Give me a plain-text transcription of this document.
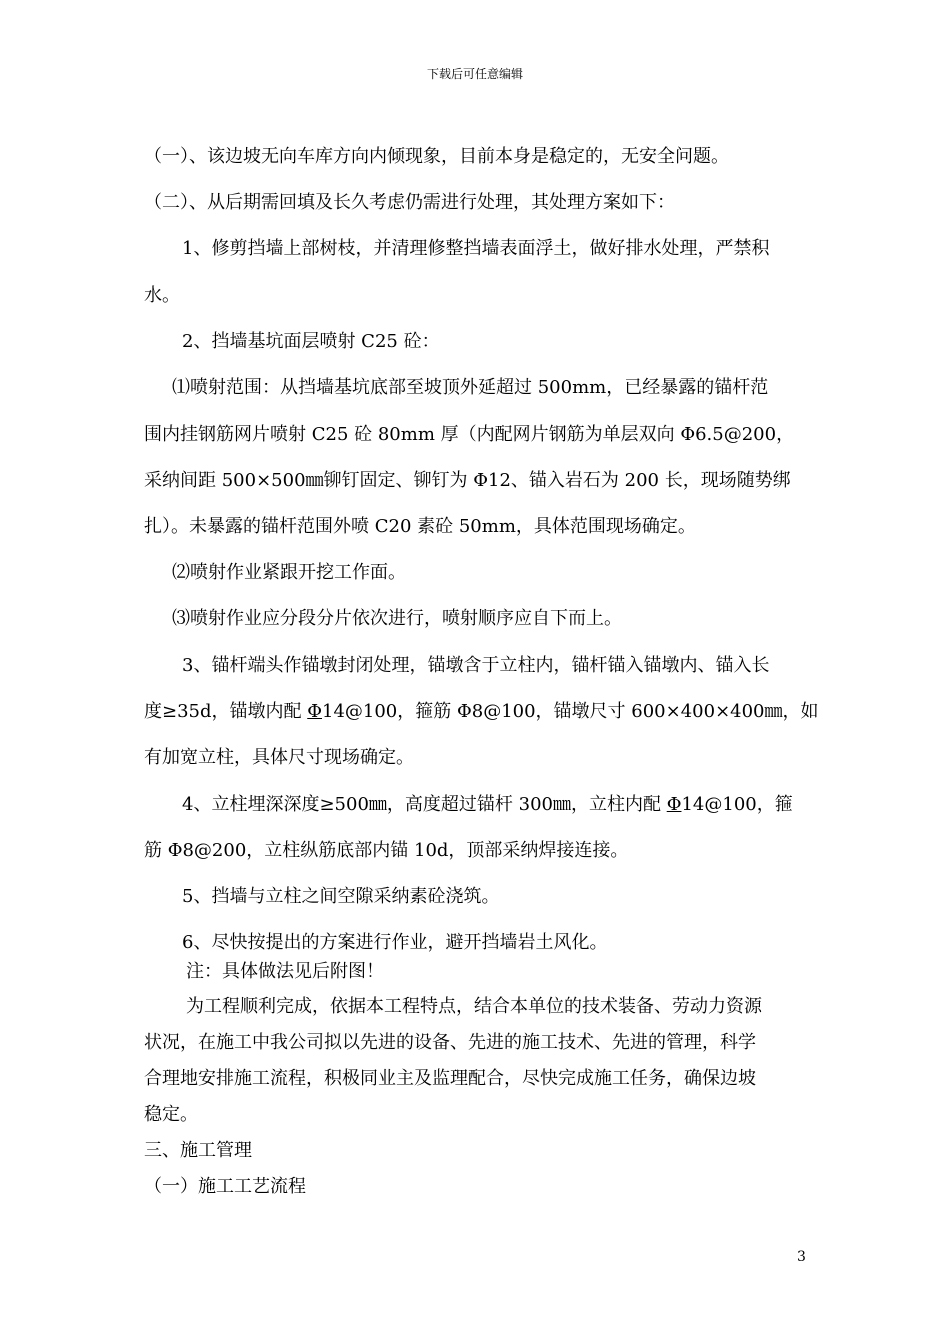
下载后可任意编辑
（一）、该边坡无向车库方向内倾现象，目前本身是稳定的，无安全问题。
（二）、从后期需回填及长久考虑仍需进行处理，其处理方案如下：
1、修剪挡墙上部树枝，并清理修整挡墙表面浮土，做好排水处理，严禁积
水。
2、挡墙基坑面层喷射 C25 砼：
⑴喷射范围：从挡墙基坑底部至坡顶外延超过 500mm，已经暴露的锚杆范
围内挂钢筋网片喷射 C25 砼 80mm 厚（内配网片钢筋为单层双向 Φ6.5@200，
采纳间距 500×500㎜铆钉固定、铆钉为 Φ12、锚入岩石为 200 长，现场随势绑
扎）。未暴露的锚杆范围外喷 C20 素砼 50mm，具体范围现场确定。
⑵喷射作业紧跟开挖工作面。
⑶喷射作业应分段分片依次进行，喷射顺序应自下而上。
3、锚杆端头作锚墩封闭处理，锚墩含于立柱内，锚杆锚入锚墩内、锚入长
度≥35d，锚墩内配 Φ14@100，箍筋 Φ8@100，锚墩尺寸 600×400×400㎜，如
有加宽立柱，具体尺寸现场确定。
4、立柱埋深深度≥500㎜，高度超过锚杆 300㎜，立柱内配 Φ14@100，箍
筋 Φ8@200，立柱纵筋底部内锚 10d，顶部采纳焊接连接。
5、挡墙与立柱之间空隙采纳素砼浇筑。
6、尽快按提出的方案进行作业，避开挡墙岩土风化。
注：具体做法见后附图！
为工程顺利完成，依据本工程特点，结合本单位的技术装备、劳动力资源
状况，在施工中我公司拟以先进的设备、先进的施工技术、先进的管理，科学
合理地安排施工流程，积极同业主及监理配合，尽快完成施工任务，确保边坡
稳定。
三、施工管理
（一）施工工艺流程
3
